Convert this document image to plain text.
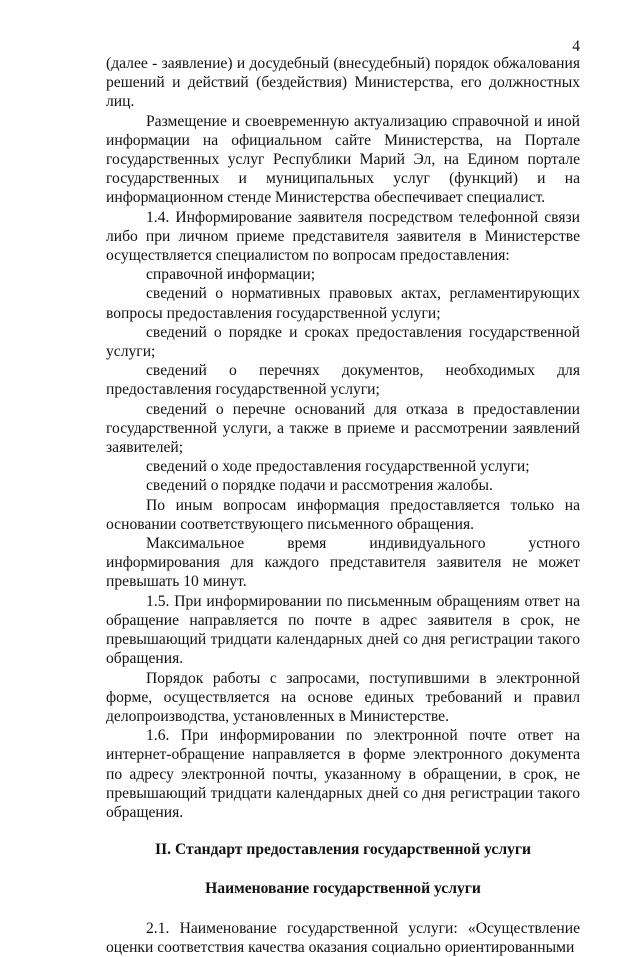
4

(далее - заявление) и досудебный (внесудебный) порядок обжалования решений и действий (бездействия) Министерства, его должностных лиц.

Размещение и своевременную актуализацию справочной и иной информации на официальном сайте Министерства, на Портале государственных услуг Республики Марий Эл, на Едином портале государственных и муниципальных услуг (функций) и на информационном стенде Министерства обеспечивает специалист.

1.4. Информирование заявителя посредством телефонной связи либо при личном приеме представителя заявителя в Министерстве осуществляется специалистом по вопросам предоставления:

справочной информации;

сведений о нормативных правовых актах, регламентирующих вопросы предоставления государственной услуги;

сведений о порядке и сроках предоставления государственной услуги;

сведений о перечнях документов, необходимых для предоставления государственной услуги;

сведений о перечне оснований для отказа в предоставлении государственной услуги, а также в приеме и рассмотрении заявлений заявителей;

сведений о ходе предоставления государственной услуги;

сведений о порядке подачи и рассмотрения жалобы.

По иным вопросам информация предоставляется только на основании соответствующего письменного обращения.

Максимальное время индивидуального устного информирования для каждого представителя заявителя не может превышать 10 минут.

1.5. При информировании по письменным обращениям ответ на обращение направляется по почте в адрес заявителя в срок, не превышающий тридцати календарных дней со дня регистрации такого обращения.

Порядок работы с запросами, поступившими в электронной форме, осуществляется на основе единых требований и правил делопроизводства, установленных в Министерстве.

1.6. При информировании по электронной почте ответ на интернет-обращение направляется в форме электронного документа по адресу электронной почты, указанному в обращении, в срок, не превышающий тридцати календарных дней со дня регистрации такого обращения.

II. Стандарт предоставления государственной услуги
Наименование государственной услуги

2.1. Наименование государственной услуги: «Осуществление оценки соответствия качества оказания социально ориентированными
